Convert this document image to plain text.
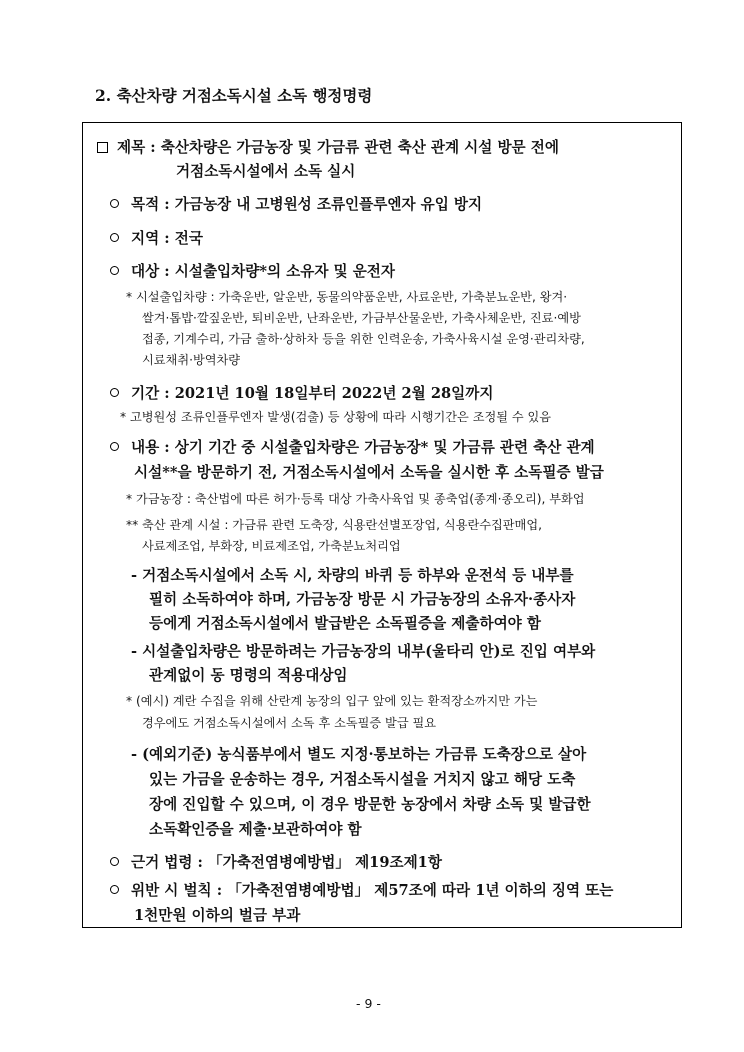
2. 축산차량 거점소독시설 소독 행정명령
제목 : 축산차량은 가금농장 및 가금류 관련 축산 관계 시설 방문 전에
거점소독시설에서 소독 실시
목적 : 가금농장 내 고병원성 조류인플루엔자 유입 방지
지역 : 전국
대상 : 시설출입차량*의 소유자 및 운전자
* 시설출입차량 : 가축운반, 알운반, 동물의약품운반, 사료운반, 가축분뇨운반, 왕겨·
쌀겨·톱밥·깔짚운반, 퇴비운반, 난좌운반, 가금부산물운반, 가축사체운반, 진료·예방
접종, 기계수리, 가금 출하·상하차 등을 위한 인력운송, 가축사육시설 운영·관리차량,
시료채취·방역차량
기간 : 2021년 10월 18일부터 2022년 2월 28일까지
* 고병원성 조류인플루엔자 발생(검출) 등 상황에 따라 시행기간은 조정될 수 있음
내용 : 상기 기간 중 시설출입차량은 가금농장* 및 가금류 관련 축산 관계
시설**을 방문하기 전, 거점소독시설에서 소독을 실시한 후 소독필증 발급
* 가금농장 : 축산법에 따른 허가·등록 대상 가축사육업 및 종축업(종계·종오리), 부화업
** 축산 관계 시설 : 가금류 관련 도축장, 식용란선별포장업, 식용란수집판매업,
사료제조업, 부화장, 비료제조업, 가축분뇨처리업
- 거점소독시설에서 소독 시, 차량의 바퀴 등 하부와 운전석 등 내부를
필히 소독하여야 하며, 가금농장 방문 시 가금농장의 소유자·종사자
등에게 거점소독시설에서 발급받은 소독필증을 제출하여야 함
- 시설출입차량은 방문하려는 가금농장의 내부(울타리 안)로 진입 여부와
관계없이 동 명령의 적용대상임
* (예시) 계란 수집을 위해 산란계 농장의 입구 앞에 있는 환적장소까지만 가는
경우에도 거점소독시설에서 소독 후 소독필증 발급 필요
- (예외기준) 농식품부에서 별도 지정·통보하는 가금류 도축장으로 살아
있는 가금을 운송하는 경우, 거점소독시설을 거치지 않고 해당 도축
장에 진입할 수 있으며, 이 경우 방문한 농장에서 차량 소독 및 발급한
소독확인증을 제출·보관하여야 함
근거 법령 : 「가축전염병예방법」 제19조제1항
위반 시 벌칙 : 「가축전염병예방법」 제57조에 따라 1년 이하의 징역 또는
1천만원 이하의 벌금 부과
- 9 -
